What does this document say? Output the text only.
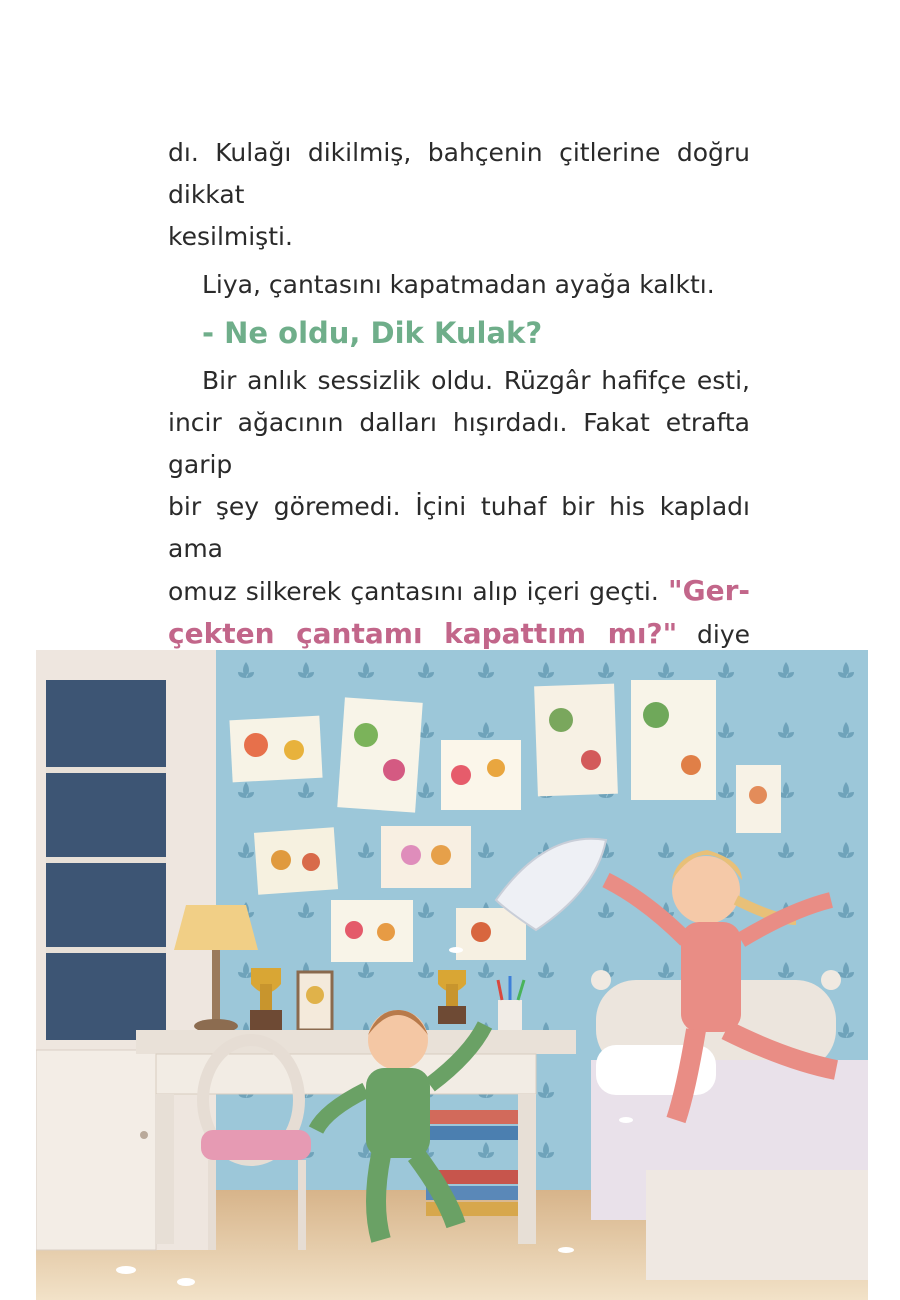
dı. Kulağı dikilmiş, bahçenin çitlerine doğru dikkat
kesilmişti.

Liya, çantasını kapatmadan ayağa kalktı.

- Ne oldu, Dik Kulak?

Bir anlık sessizlik oldu. Rüzgâr hafifçe esti,
incir ağacının dalları hışırdadı. Fakat etrafta garip
bir şey göremedi. İçini tuhaf bir his kapladı ama
omuz silkerek çantasını alıp içeri geçti. "Ger-
çekten çantamı kapattım mı?" diye
